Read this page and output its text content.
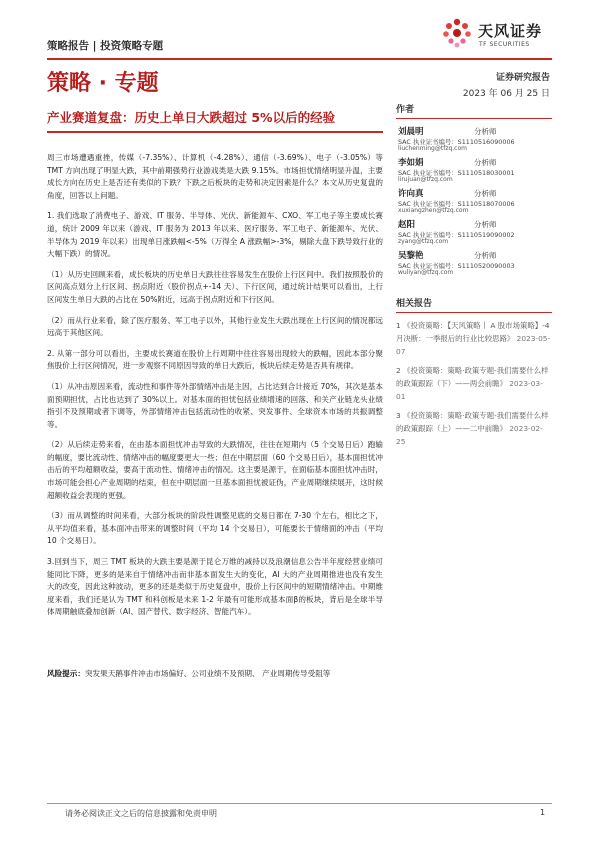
策略报告 | 投资策略专题
天风证券
TF SECURITIES
策略 · 专题	证券研究报告
2023 年 06 月 25 日
产业赛道复盘：历史上单日大跌超过 5%以后的经验

周三市场遭遇重挫，传媒（-7.35%）、计算机（-4.28%）、通信（-3.69%）、电子（-3.05%）等 TMT 方向出现了明显大跌，其中前期强势行业游戏类是大跌 9.15%。市场担忧情绪明显升温，主要成长方向在历史上是否还有类似的下跌？下跌之后板块的走势和决定因素是什么？本文从历史复盘的角度，回答以上问题。

1. 我们选取了消费电子、游戏、IT 服务、半导体、光伏、新能源车、CXO、军工电子等主要成长赛道，统计 2009 年以来（游戏、IT 服务为 2013 年以来、医疗服务、军工电子、新能源车、光伏、半导体为 2019 年以来）出现单日涨跌幅<-5%（万得全 A 涨跌幅>-3%，剔除大盘下跌导致行业的大幅下跌）的情况。

（1）从历史回顾来看，成长板块的历史单日大跌往往容易发生在股价上行区间中。我们按照股价的区间高点划分上行区间、拐点附近（股价拐点+-14 天）、下行区间，通过统计结果可以看出，上行区间发生单日大跌的占比在 50%附近，远高于拐点附近和下行区间。

（2）而从行业来看，除了医疗服务、军工电子以外，其他行业发生大跌出现在上行区间的情况都远远高于其他区间。

2. 从第一部分可以看出，主要成长赛道在股价上行周期中往往容易出现较大的跌幅，因此本部分聚焦股价上行区间情况，进一步观察不同原因导致的单日大跌后，板块后续走势是否具有规律。

（1）从冲击原因来看，流动性和事件等外部情绪冲击是主因，占比达到合计接近 70%，其次是基本面预期担忧，占比也达到了 30%以上。对基本面的担忧包括业绩增速的回落、和关产业链龙头业绩指引不及预期或者下调等，外部情绪冲击包括流动性的收紧、突发事件、全球资本市场的共振调整等。

（2）从后续走势来看，在由基本面担忧冲击导致的大跌情况，往往在短期内（5 个交易日后）跑输的幅度，要比流动性、情绪冲击的幅度要更大一些；但在中期层面（60 个交易日后），基本面担忧冲击后的平均超额收益，要高于流动性、情绪冲击的情况。这主要是源于，在面临基本面担忧冲击时，市场可能会担心产业周期的结束，但在中期层面一旦基本面担忧被证伪，产业周期继续展开，这时候超额收益会表现的更强。

（3）而从调整的时间来看，大部分板块的阶段性调整见底的交易日都在 7-30 个左右，相比之下，从平均值来看，基本面冲击带来的调整时间（平均 14 个交易日），可能要长于情绪面的冲击（平均 10 个交易日）。

3.回到当下，周三 TMT 板块的大跌主要是源于昆仑万维的减持以及浪潮信息公告半年度经营业绩可能同比下降，更多的是来自于情绪冲击而非基本面发生大的变化，AI 大的产业周期推进也没有发生大的改变，因此这种波动，更多的还是类似于历史复盘中，股价上行区间中的短期情绪冲击。中期维度来看，我们还是认为 TMT 和科创板是未来 1-2 年最有可能形成基本面β的板块，背后是全球半导体周期触底叠加创新（AI、国产替代、数字经济、智能汽车）。

风险提示：突发果天鹅事件冲击市场偏好、公司业绩不及预期、 产业周期传导受阻等
作者
刘晨明	分析师
SAC 执业证书编号：S1110516090006
liuchenming@tfzq.com
李如娟	分析师
SAC 执业证书编号：S1110518030001
lirujuan@tfzq.com
许向真	分析师
SAC 执业证书编号：S1110518070006
xuxiangzhen@tfzq.com
赵阳	分析师
SAC 执业证书编号：S1110519090002
zyang@tfzq.com
吴黎艳	分析师
SAC 执业证书编号：S1110520090003
wuliyan@tfzq.com
相关报告
1 《投资策略：【天风策略丨 A 股市场策略】-4 月决断：一季报后的行业比较思路》 2023-05-07
2 《投资策略：策略·政策专题-我们需要什么样的政策跟踪（下）——两会前瞻》 2023-03-01
3 《投资策略：策略·政策专题-我们需要什么样的政策跟踪（上）——二中前瞻》 2023-02-25
请务必阅读正文之后的信息披露和免责申明	1
